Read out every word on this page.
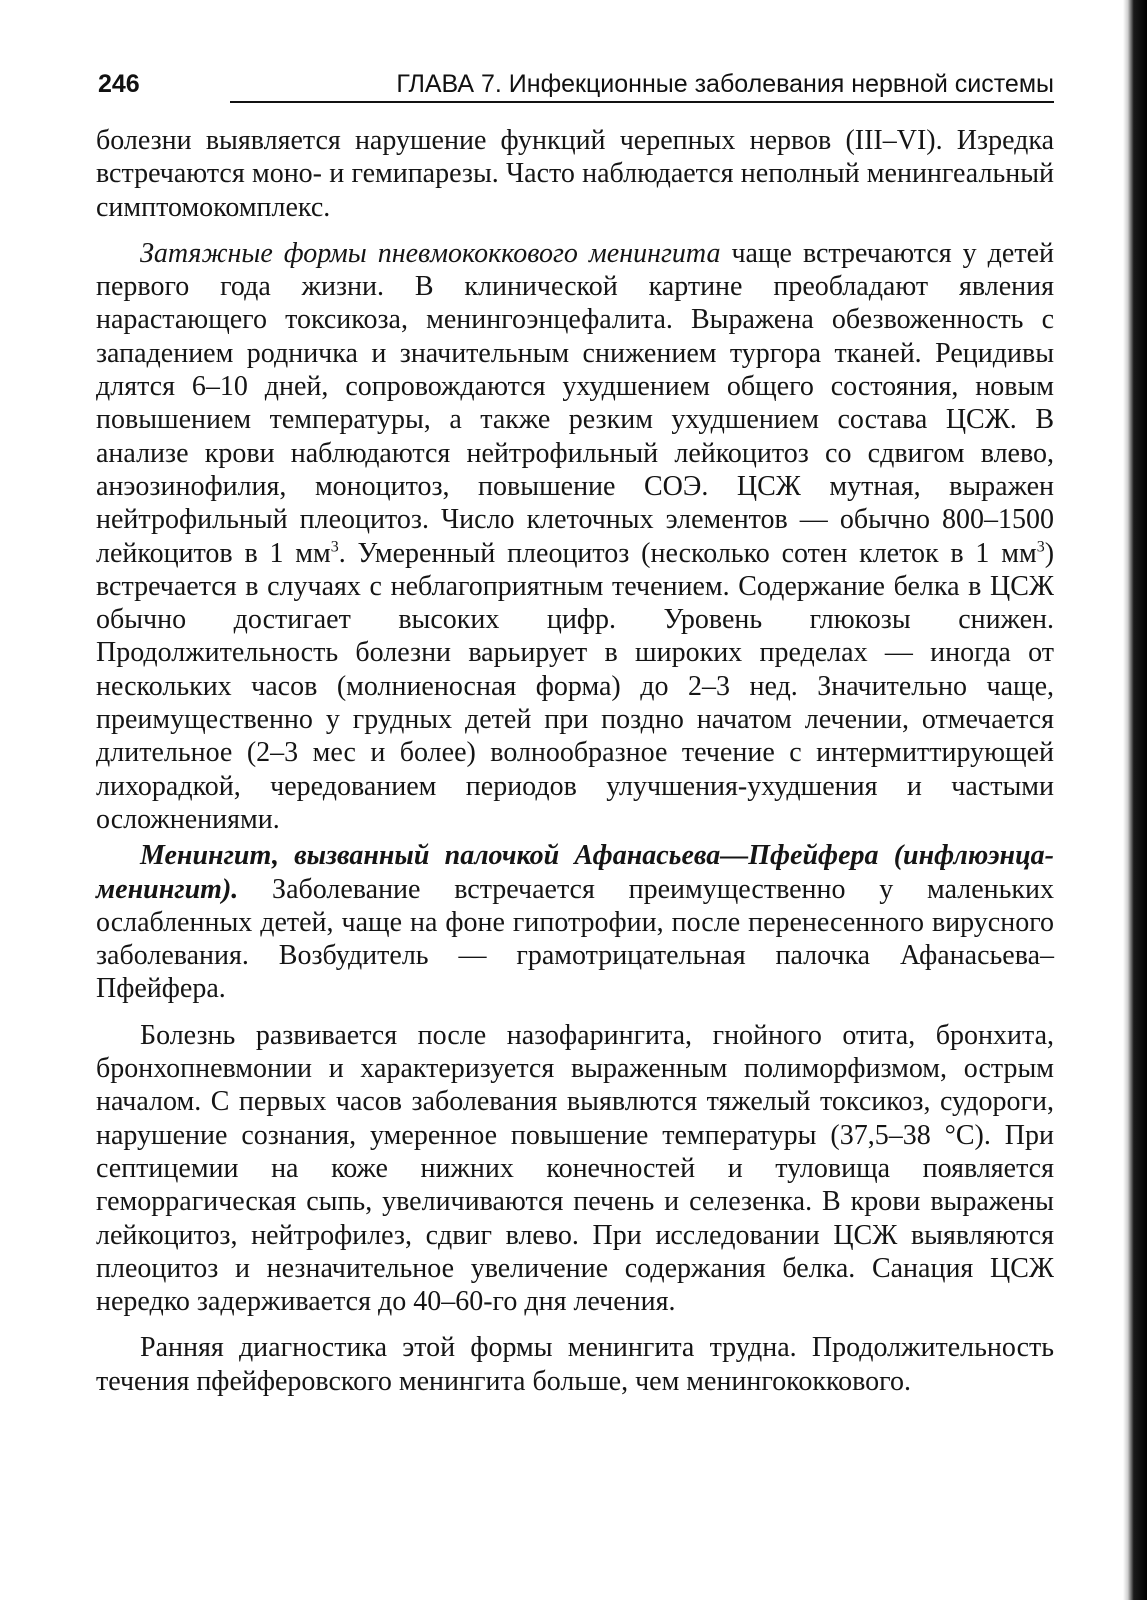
246	ГЛАВА 7. Инфекционные заболевания нервной системы

болезни выявляется нарушение функций черепных нервов (III–VI). Изредка встречаются моно- и гемипарезы. Часто наблюдается неполный менингеальный симптомокомплекс.

Затяжные формы пневмококкового менингита чаще встречаются у детей первого года жизни. В клинической картине преобладают явления нарастающего токсикоза, менингоэнцефалита. Выражена обезвоженность с западением родничка и значительным снижением тургора тканей. Рецидивы длятся 6–10 дней, сопровождаются ухудшением общего состояния, новым повышением температуры, а также резким ухудшением состава ЦСЖ. В анализе крови наблюдаются нейтрофильный лейкоцитоз со сдвигом влево, анэозинофилия, моноцитоз, повышение СОЭ. ЦСЖ мутная, выражен нейтрофильный плеоцитоз. Число клеточных элементов — обычно 800–1500 лейкоцитов в 1 $мм^3$. Умеренный плеоцитоз (несколько сотен клеток в 1 $мм^3$) встречается в случаях с неблагоприятным течением. Содержание белка в ЦСЖ обычно достигает высоких цифр. Уровень глюкозы снижен. Продолжительность болезни варьирует в широких пределах — иногда от нескольких часов (молниеносная форма) до 2–3 нед. Значительно чаще, преимущественно у грудных детей при поздно начатом лечении, отмечается длительное (2–3 мес и более) волнообразное течение с интермиттирующей лихорадкой, чередованием периодов улучшения-ухудшения и частыми осложнениями.

Менингит, вызванный палочкой Афанасьева—Пфейфера (инфлюэнца-менингит). Заболевание встречается преимущественно у маленьких ослабленных детей, чаще на фоне гипотрофии, после перенесенного вирусного заболевания. Возбудитель — грамотрицательная палочка Афанасьева–Пфейфера.

Болезнь развивается после назофарингита, гнойного отита, бронхита, бронхопневмонии и характеризуется выраженным полиморфизмом, острым началом. С первых часов заболевания выявлются тяжелый токсикоз, судороги, нарушение сознания, умеренное повышение температуры (37,5–38 °С). При септицемии на коже нижних конечностей и туловища появляется геморрагическая сыпь, увеличиваются печень и селезенка. В крови выражены лейкоцитоз, нейтрофилез, сдвиг влево. При исследовании ЦСЖ выявляются плеоцитоз и незначительное увеличение содержания белка. Санация ЦСЖ нередко задерживается до 40–60-го дня лечения.

Ранняя диагностика этой формы менингита трудна. Продолжительность течения пфейферовского менингита больше, чем менингококкового.
